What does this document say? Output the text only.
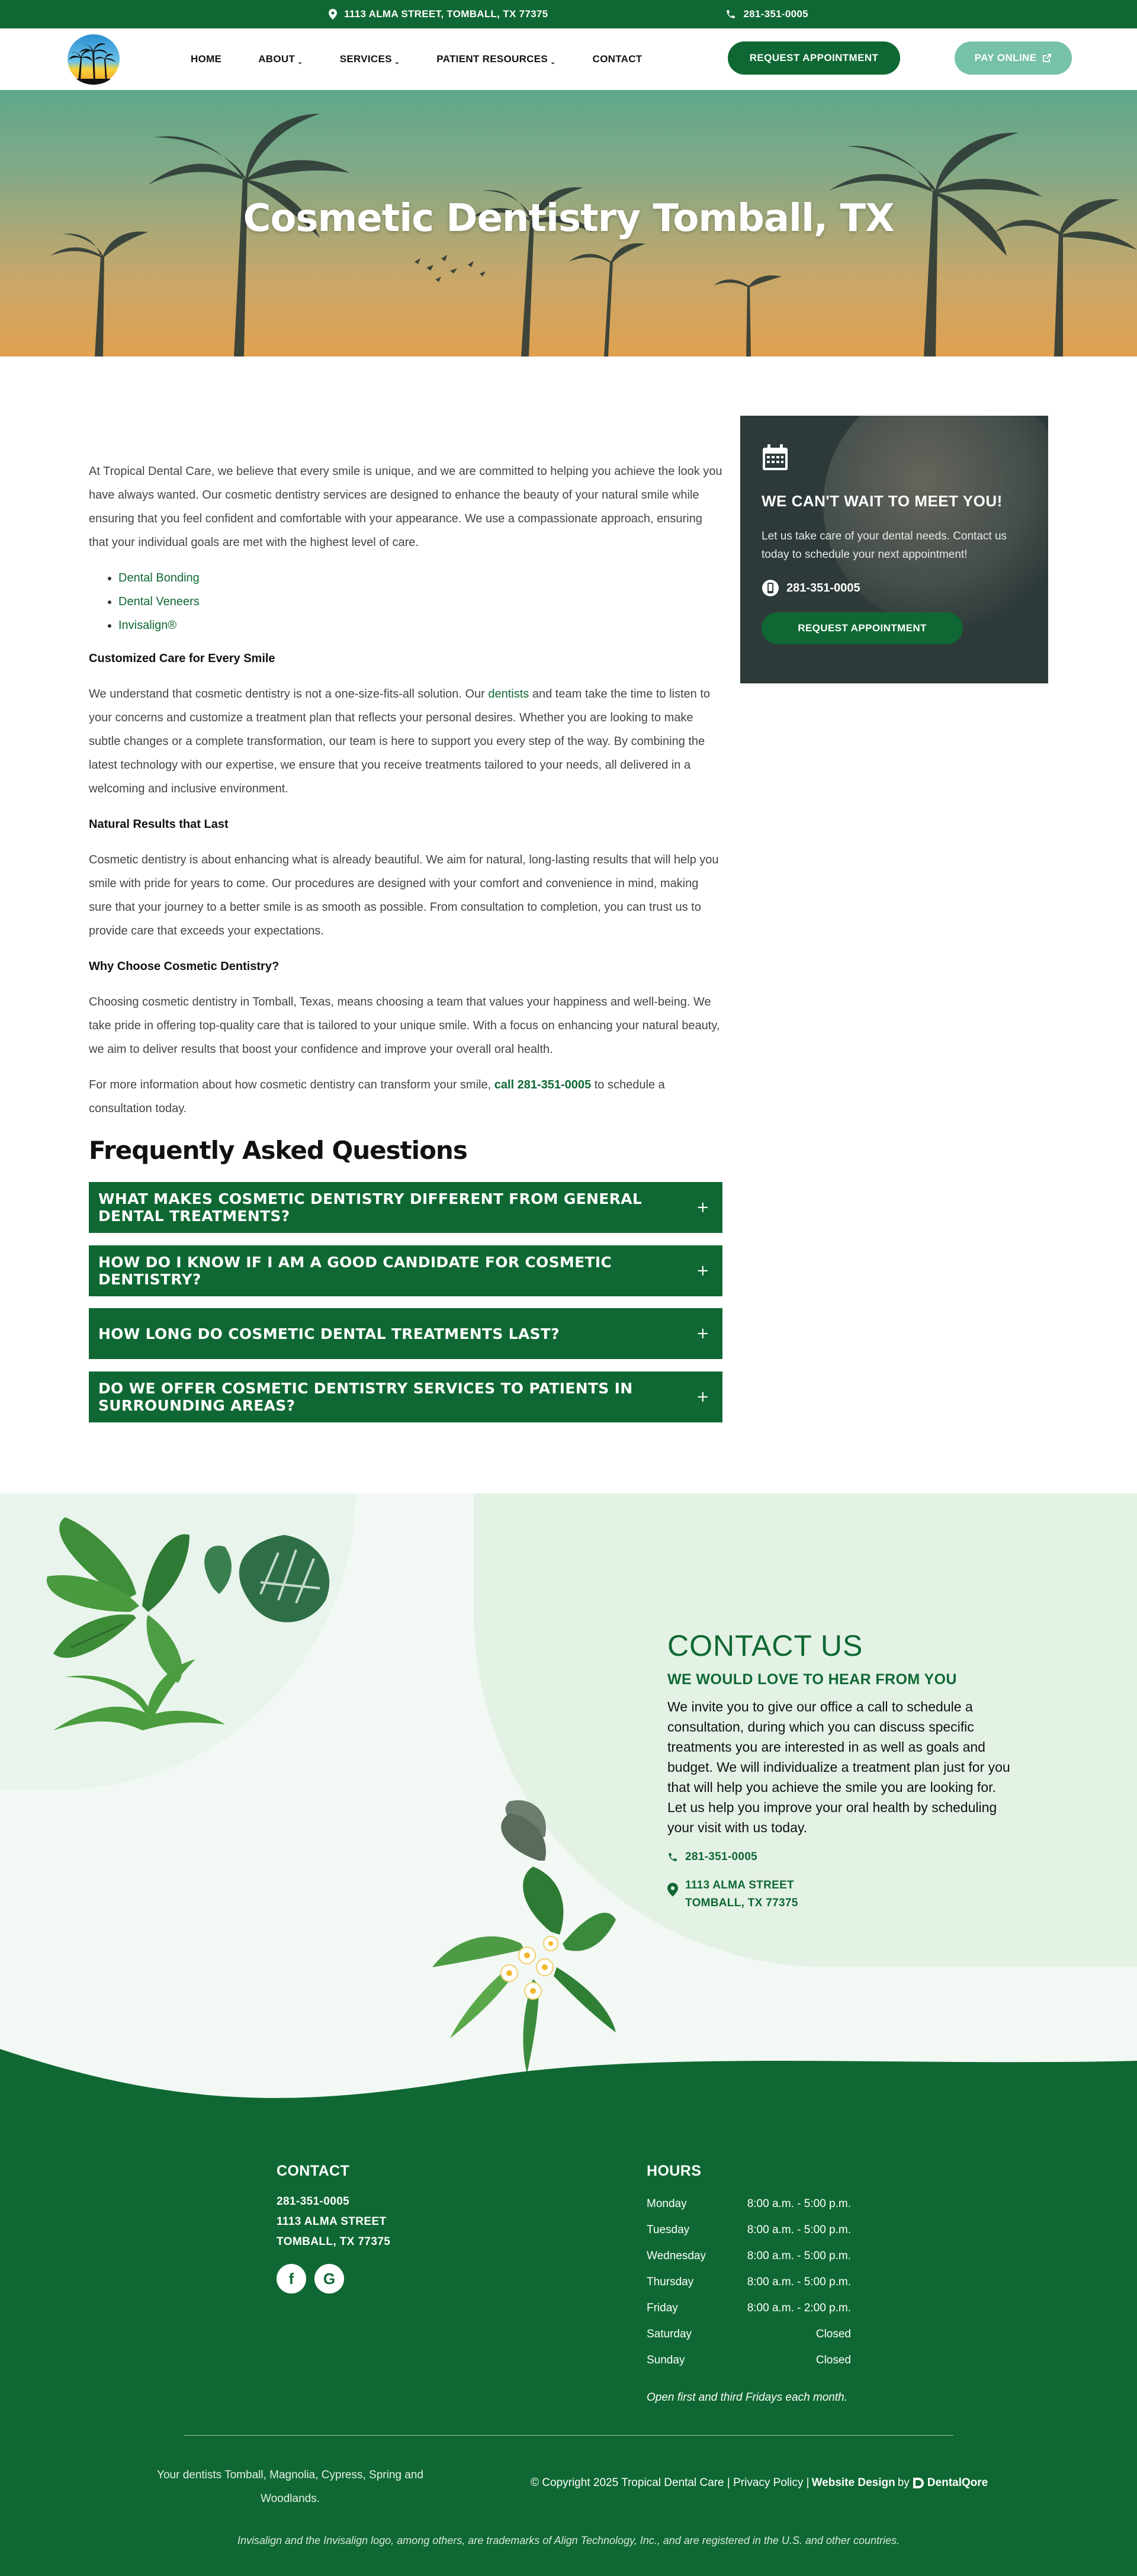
1113 ALMA STREET, TOMBALL, TX 77375	281-351-0005
HOME	ABOUT ⌄	SERVICES ⌄	PATIENT RESOURCES ⌄	CONTACT	REQUEST APPOINTMENT	PAY ONLINE
Cosmetic Dentistry Tomball, TX

At Tropical Dental Care, we believe that every smile is unique, and we are committed to helping you achieve the look you have always wanted. Our cosmetic dentistry services are designed to enhance the beauty of your natural smile while ensuring that you feel confident and comfortable with your appearance. We use a compassionate approach, ensuring that your individual goals are met with the highest level of care.

• Dental Bonding
• Dental Veneers
• Invisalign®
Customized Care for Every Smile

We understand that cosmetic dentistry is not a one-size-fits-all solution. Our dentists and team take the time to listen to your concerns and customize a treatment plan that reflects your personal desires. Whether you are looking to make subtle changes or a complete transformation, our team is here to support you every step of the way. By combining the latest technology with our expertise, we ensure that you receive treatments tailored to your needs, all delivered in a welcoming and inclusive environment.

Natural Results that Last

Cosmetic dentistry is about enhancing what is already beautiful. We aim for natural, long-lasting results that will help you smile with pride for years to come. Our procedures are designed with your comfort and convenience in mind, making sure that your journey to a better smile is as smooth as possible. From consultation to completion, you can trust us to provide care that exceeds your expectations.

Why Choose Cosmetic Dentistry?

Choosing cosmetic dentistry in Tomball, Texas, means choosing a team that values your happiness and well-being. We take pride in offering top-quality care that is tailored to your unique smile. With a focus on enhancing your natural beauty, we aim to deliver results that boost your confidence and improve your overall oral health.

For more information about how cosmetic dentistry can transform your smile, call 281-351-0005 to schedule a consultation today.

Frequently Asked Questions
WHAT MAKES COSMETIC DENTISTRY DIFFERENT FROM GENERAL DENTAL TREATMENTS?	+
HOW DO I KNOW IF I AM A GOOD CANDIDATE FOR COSMETIC DENTISTRY?	+
HOW LONG DO COSMETIC DENTAL TREATMENTS LAST?	+
DO WE OFFER COSMETIC DENTISTRY SERVICES TO PATIENTS IN SURROUNDING AREAS?	+
WE CAN'T WAIT TO MEET YOU!

Let us take care of your dental needs. Contact us today to schedule your next appointment!

281-351-0005
REQUEST APPOINTMENT
CONTACT US
WE WOULD LOVE TO HEAR FROM YOU

We invite you to give our office a call to schedule a consultation, during which you can discuss specific treatments you are interested in as well as goals and budget. We will individualize a treatment plan just for you that will help you achieve the smile you are looking for. Let us help you improve your oral health by scheduling your visit with us today.

281-351-0005
1113 ALMA STREET
TOMBALL, TX 77375
CONTACT
281-351-0005
1113 ALMA STREET
TOMBALL, TX 77375
f	G
HOURS
Monday	8:00 a.m. - 5:00 p.m.
Tuesday	8:00 a.m. - 5:00 p.m.
Wednesday	8:00 a.m. - 5:00 p.m.
Thursday	8:00 a.m. - 5:00 p.m.
Friday	8:00 a.m. - 2:00 p.m.
Saturday	Closed
Sunday	Closed
Open first and third Fridays each month.
Your dentists Tomball, Magnolia, Cypress, Spring and Woodlands.
© Copyright 2025 Tropical Dental Care | Privacy Policy | Website Design by DentalQore
Invisalign and the Invisalign logo, among others, are trademarks of Align Technology, Inc., and are registered in the U.S. and other countries.
